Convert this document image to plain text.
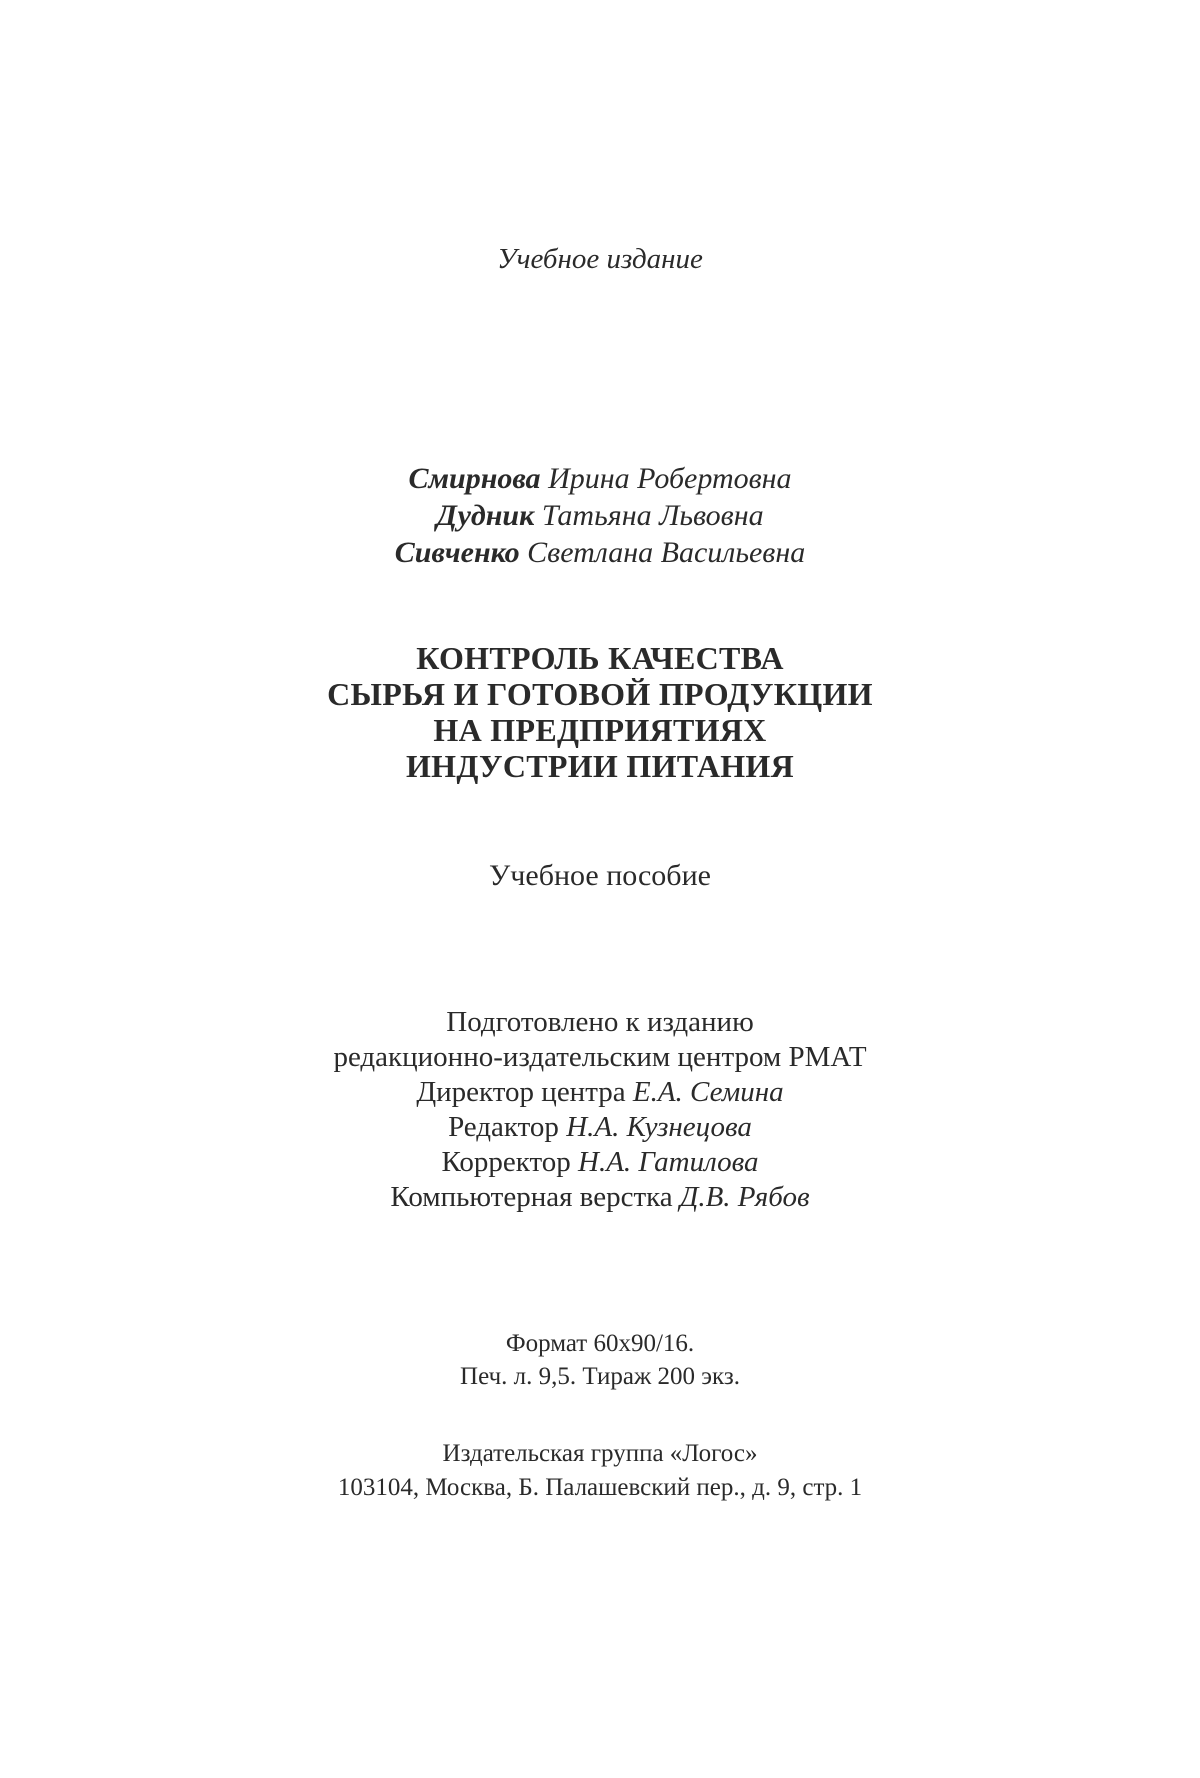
Учебное издание
Смирнова Ирина Робертовна
Дудник Татьяна Львовна
Сивченко Светлана Васильевна
КОНТРОЛЬ КАЧЕСТВА
СЫРЬЯ И ГОТОВОЙ ПРОДУКЦИИ
НА ПРЕДПРИЯТИЯХ
ИНДУСТРИИ ПИТАНИЯ
Учебное пособие
Подготовлено к изданию
редакционно-издательским центром РМАТ
Директор центра Е.А. Семина
Редактор Н.А. Кузнецова
Корректор Н.А. Гатилова
Компьютерная верстка Д.В. Рябов
Формат 60х90/16.
Печ. л. 9,5. Тираж 200 экз.
Издательская группа «Логос»
103104, Москва, Б. Палашевский пер., д. 9, стр. 1
